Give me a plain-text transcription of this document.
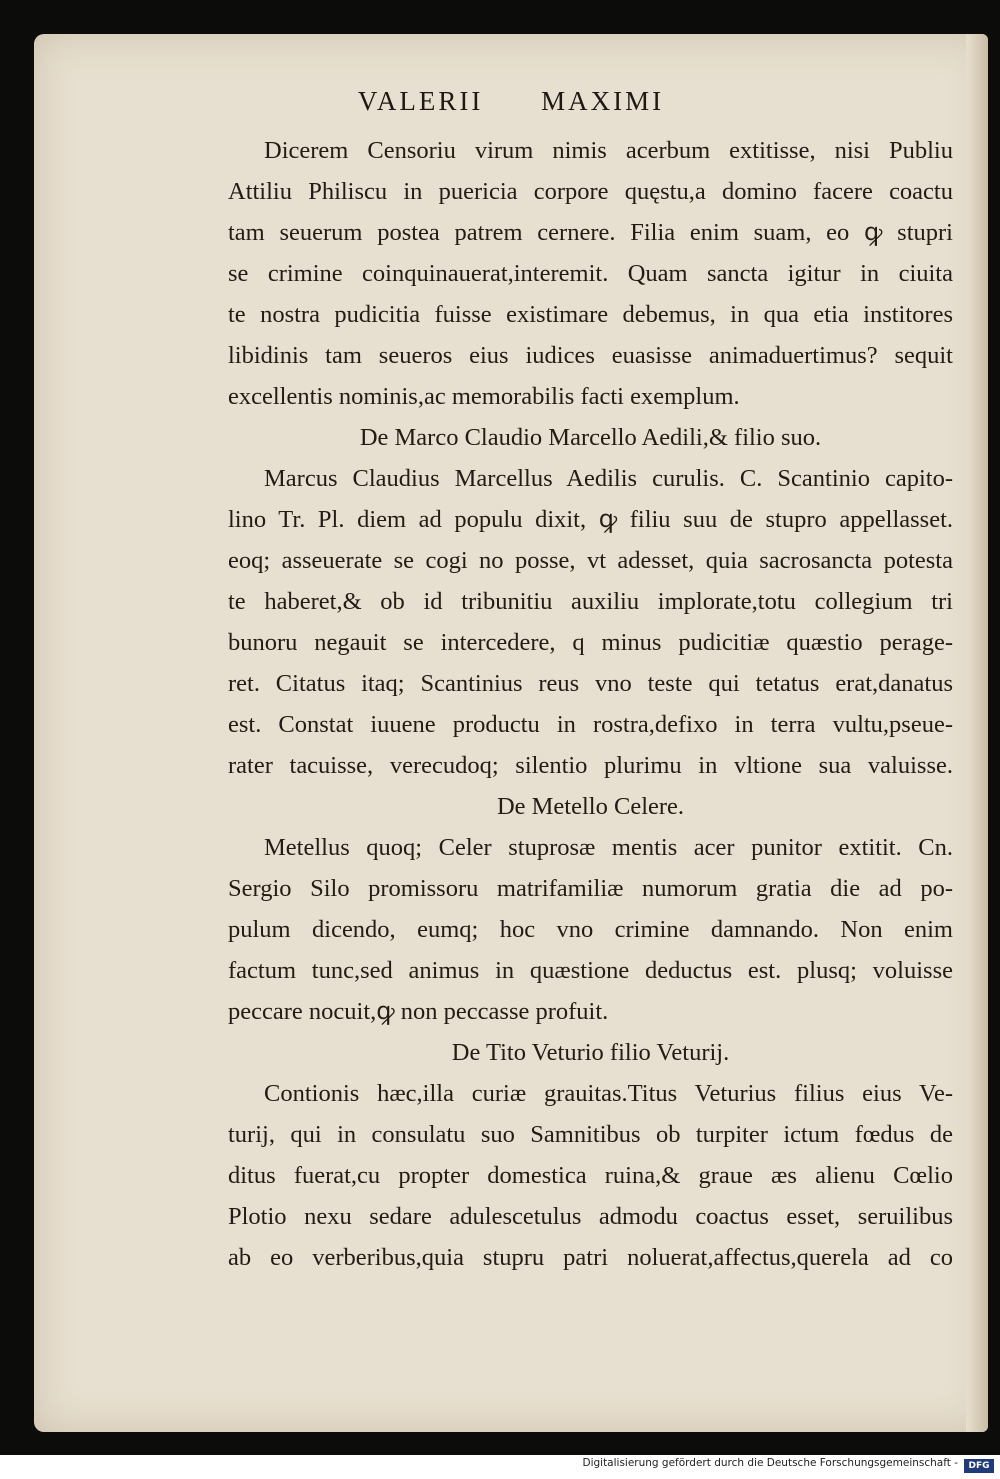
VALERII MAXIMI
Dicerem Censoriu virum nimis acerbum extitisse, nisi Publiu
Attiliu Philiscu in puericia corpore quęstu,a domino facere coactu
tam seuerum postea patrem cernere. Filia enim suam, eo ꝙ stupri
se crimine coinquinauerat,interemit. Quam sancta igitur in ciuita
te nostra pudicitia fuisse existimare debemus, in qua etia institores
libidinis tam seueros eius iudices euasisse animaduertimus? sequit
excellentis nominis,ac memorabilis facti exemplum.
De Marco Claudio Marcello Aedili,& filio suo.
Marcus Claudius Marcellus Aedilis curulis. C. Scantinio capito-
lino Tr. Pl. diem ad populu dixit, ꝙ filiu suu de stupro appellasset.
eoq; asseuerate se cogi no posse, vt adesset, quia sacrosancta potesta
te haberet,& ob id tribunitiu auxiliu implorate,totu collegium tri
bunoru negauit se intercedere, q minus pudicitiæ quæstio perage-
ret. Citatus itaq; Scantinius reus vno teste qui tetatus erat,danatus
est. Constat iuuene productu in rostra,defixo in terra vultu,pseue-
rater tacuisse, verecudoq; silentio plurimu in vltione sua valuisse.
De Metello Celere.
Metellus quoq; Celer stuprosæ mentis acer punitor extitit. Cn.
Sergio Silo promissoru matrifamiliæ numorum gratia die ad po-
pulum dicendo, eumq; hoc vno crimine damnando. Non enim
factum tunc,sed animus in quæstione deductus est. plusq; voluisse
peccare nocuit,ꝙ non peccasse profuit.
De Tito Veturio filio Veturij.
Contionis hæc,illa curiæ grauitas.Titus Veturius filius eius Ve-
turij, qui in consulatu suo Samnitibus ob turpiter ictum fœdus de
ditus fuerat,cu propter domestica ruina,& graue æs alienu Cœlio
Plotio nexu sedare adulescetulus admodu coactus esset, seruilibus
ab eo verberibus,quia stupru patri noluerat,affectus,querela ad co
Digitalisierung gefördert durch die Deutsche Forschungsgemeinschaft -	DFG
